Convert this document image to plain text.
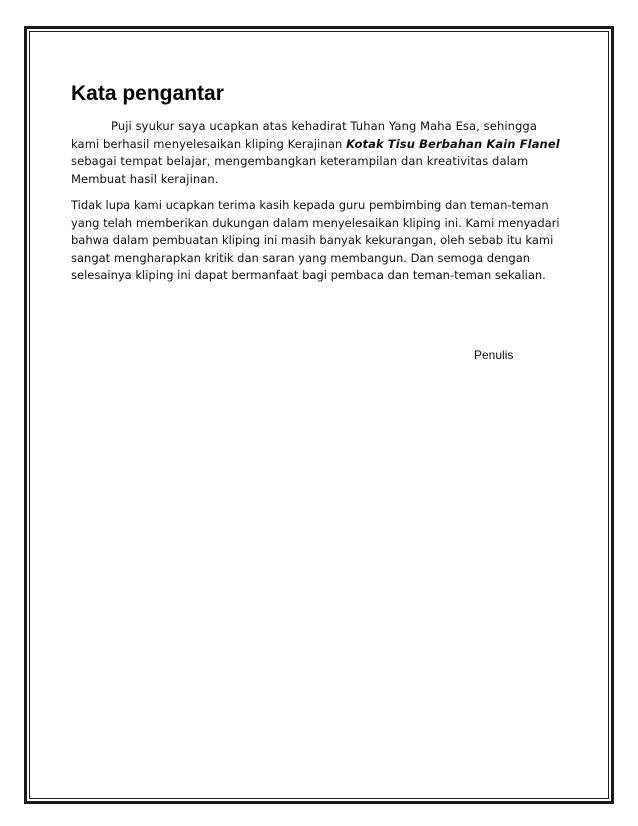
Kata pengantar

Puji syukur saya ucapkan atas kehadirat Tuhan Yang Maha Esa, sehingga kami berhasil menyelesaikan kliping Kerajinan Kotak Tisu Berbahan Kain Flanel sebagai tempat belajar, mengembangkan keterampilan dan kreativitas dalam Membuat hasil kerajinan.

Tidak lupa kami ucapkan terima kasih kepada guru pembimbing dan teman-teman yang telah memberikan dukungan dalam menyelesaikan kliping ini. Kami menyadari bahwa dalam pembuatan kliping ini masih banyak kekurangan, oleh sebab itu kami sangat mengharapkan kritik dan saran yang membangun. Dan semoga dengan selesainya kliping ini dapat bermanfaat bagi pembaca dan teman-teman sekalian.

Penulis
